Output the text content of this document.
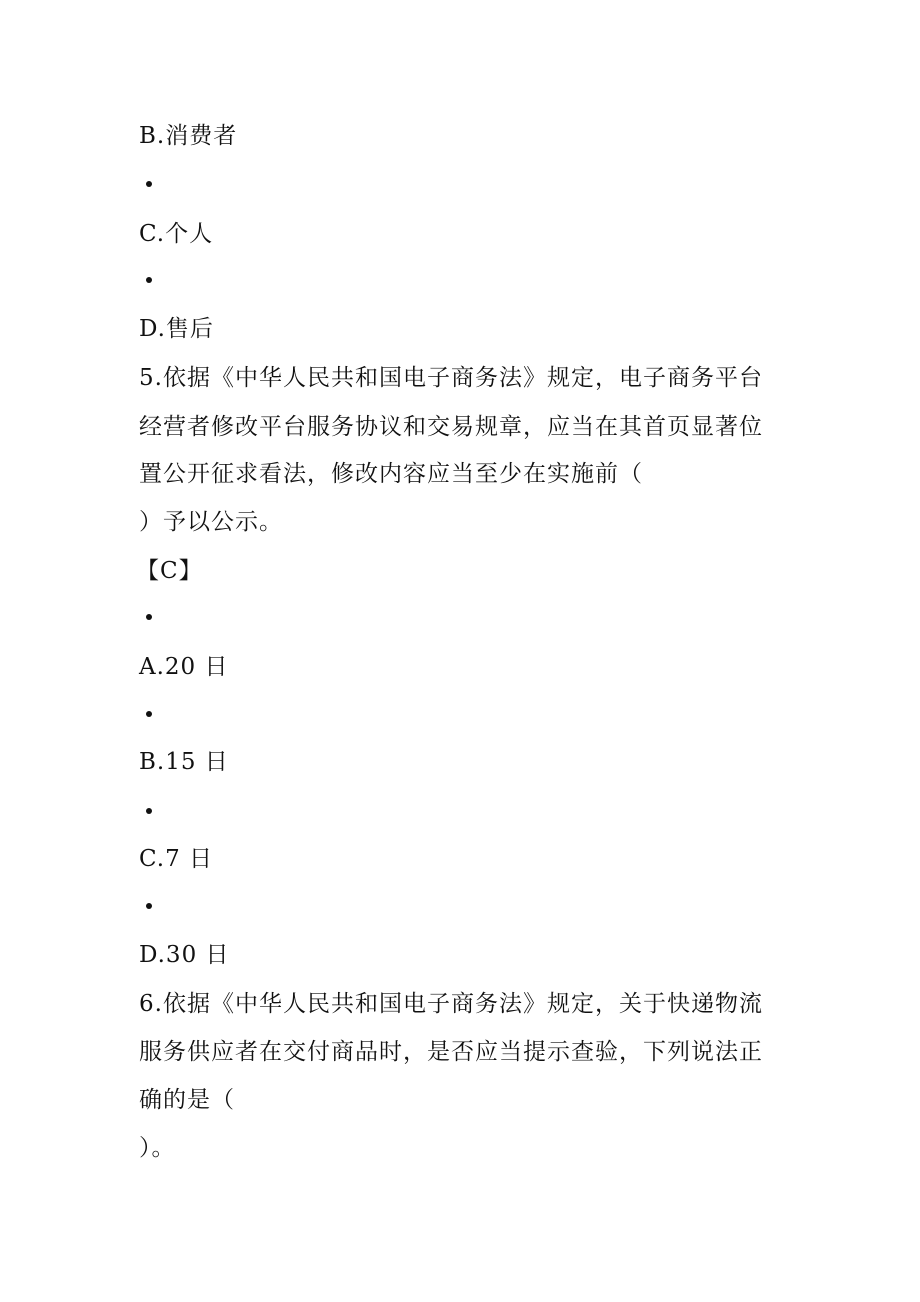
B.消费者
C.个人
D.售后
5.依据《中华人民共和国电子商务法》规定，电子商务平台
经营者修改平台服务协议和交易规章，应当在其首页显著位
置公开征求看法，修改内容应当至少在实施前（
）予以公示。
【C】
A.20 日
B.15 日
C.7 日
D.30 日
6.依据《中华人民共和国电子商务法》规定，关于快递物流
服务供应者在交付商品时，是否应当提示查验，下列说法正
确的是（
）。
